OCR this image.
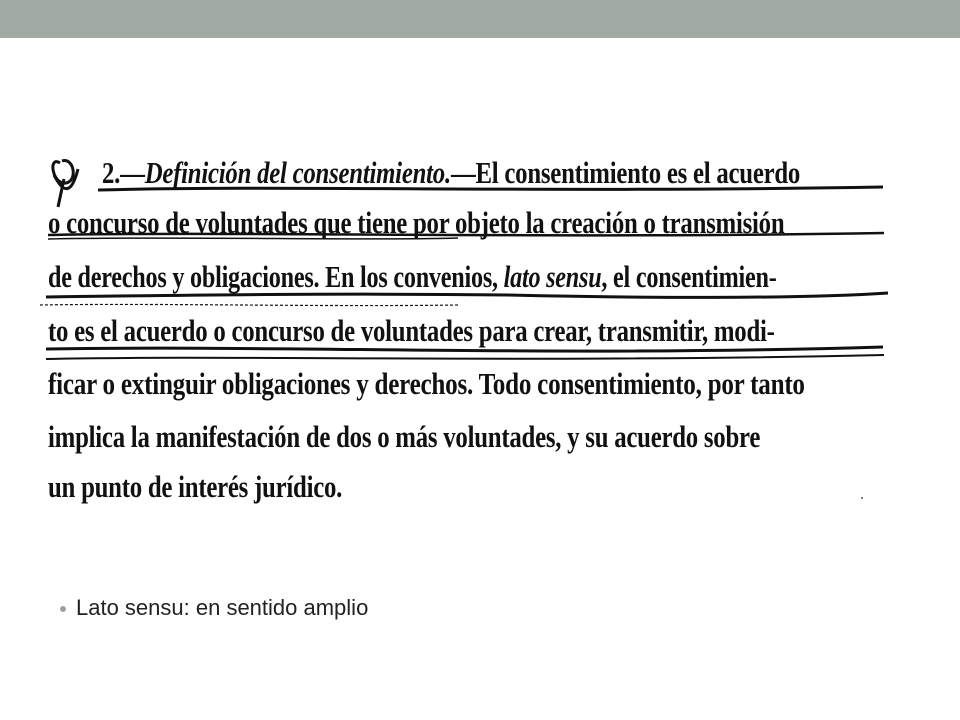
2.—Definición del consentimiento.—El consentimiento es el acuerdo
o concurso de voluntades que tiene por objeto la creación o transmisión
de derechos y obligaciones. En los convenios, lato sensu, el consentimien-
to es el acuerdo o concurso de voluntades para crear, transmitir, modi-
ficar o extinguir obligaciones y derechos. Todo consentimiento, por tanto
implica la manifestación de dos o más voluntades, y su acuerdo sobre
un punto de interés jurídico.
Lato sensu: en sentido amplio
